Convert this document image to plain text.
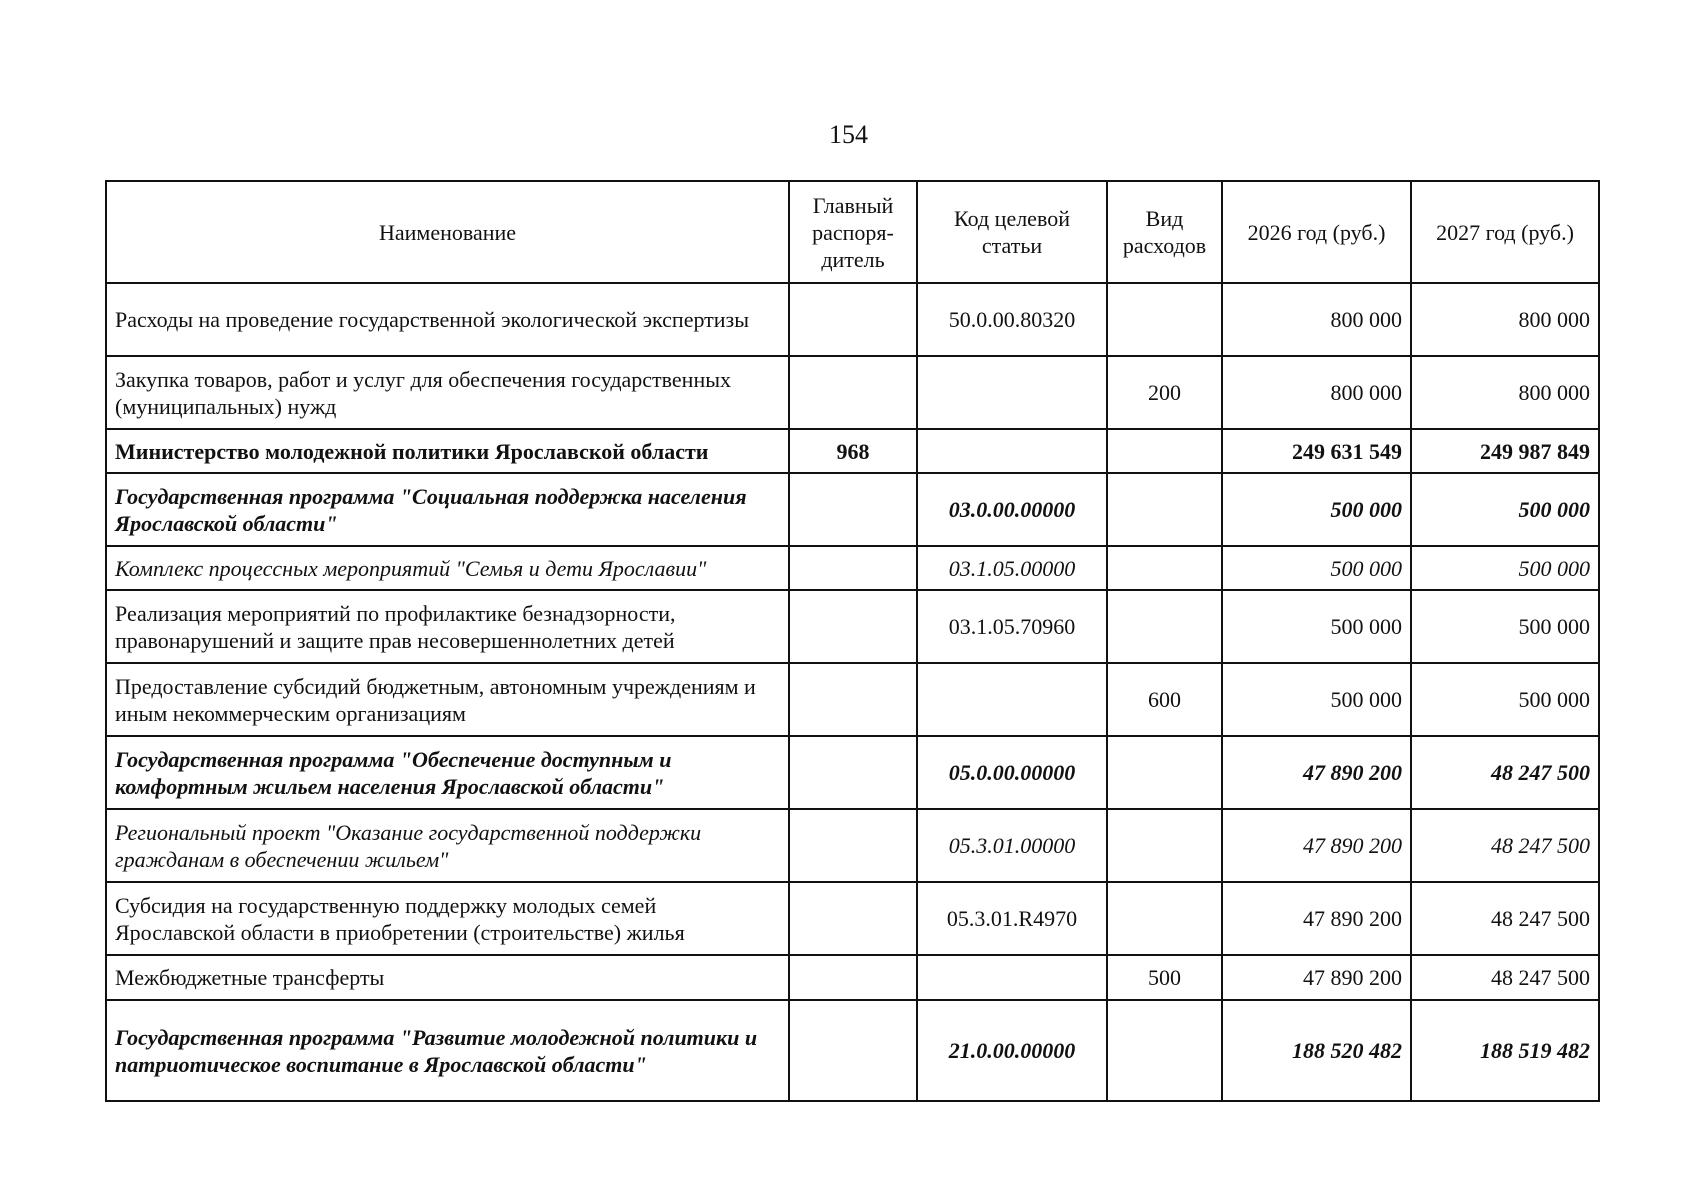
154
Наименование	Главный распоря-дитель	Код целевой статьи	Вид расходов	2026 год (руб.)	2027 год (руб.)
Расходы на проведение государственной экологической экспертизы		50.0.00.80320		800 000	800 000
Закупка товаров, работ и услуг для обеспечения государственных (муниципальных) нужд			200	800 000	800 000
Министерство молодежной политики Ярославской области	968			249 631 549	249 987 849
Государственная программа "Социальная поддержка населения Ярославской области"		03.0.00.00000		500 000	500 000
Комплекс процессных мероприятий "Семья и дети Ярославии"		03.1.05.00000		500 000	500 000
Реализация мероприятий по профилактике безнадзорности, правонарушений и защите прав несовершеннолетних детей		03.1.05.70960		500 000	500 000
Предоставление субсидий бюджетным, автономным учреждениям и иным некоммерческим организациям			600	500 000	500 000
Государственная программа "Обеспечение доступным и комфортным жильем населения Ярославской области"		05.0.00.00000		47 890 200	48 247 500
Региональный проект "Оказание государственной поддержки гражданам в обеспечении жильем"		05.3.01.00000		47 890 200	48 247 500
Субсидия на государственную поддержку молодых семей Ярославской области в приобретении (строительстве) жилья		05.3.01.R4970		47 890 200	48 247 500
Межбюджетные трансферты			500	47 890 200	48 247 500
Государственная программа "Развитие молодежной политики и патриотическое воспитание в Ярославской области"		21.0.00.00000		188 520 482	188 519 482
